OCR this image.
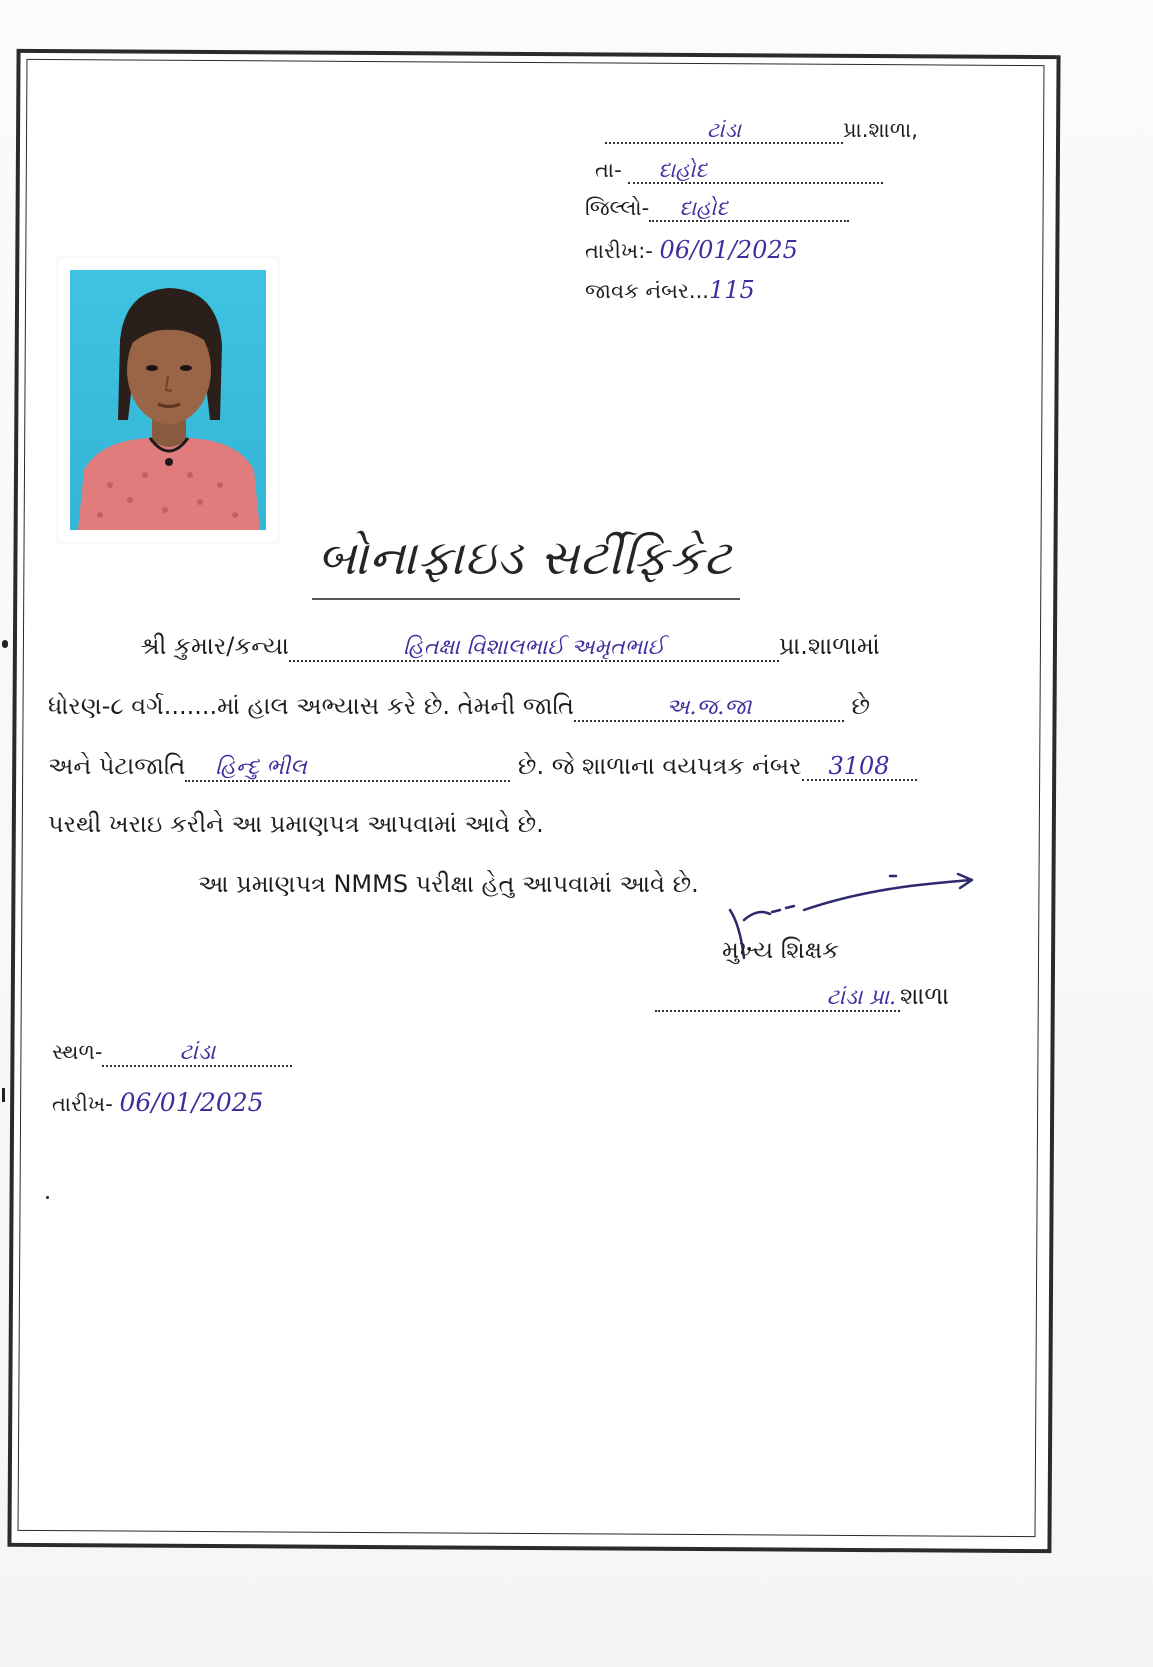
ટાંડા	પ્રા.શાળા,
તા- દાહોદ
જિલ્લો- દાહોદ
તારીખ:- 06/01/2025
જાવક નંબર...115
બોનાફાઇડ સર્ટીફિકેટ
શ્રી કુમાર/કન્યા	હિતક્ષા વિશાલભાઈ અમૃતભાઈ	પ્રા.શાળામાં
ધોરણ-૮ વર્ગ.......માં હાલ અભ્યાસ કરે છે. તેમની જાતિ	અ.જ.જા	છે
અને પેટાજાતિ હિન્દુ ભીલ	છે. જે શાળાના વયપત્રક નંબર 3108
પરથી ખરાઇ કરીને આ પ્રમાણપત્ર આપવામાં આવે છે.
આ પ્રમાણપત્ર NMMS પરીક્ષા હેતુ આપવામાં આવે છે.
મુખ્ય શિક્ષક
ટાંડા પ્રા. શાળા
સ્થળ-	ટાંડા
તારીખ- 06/01/2025
